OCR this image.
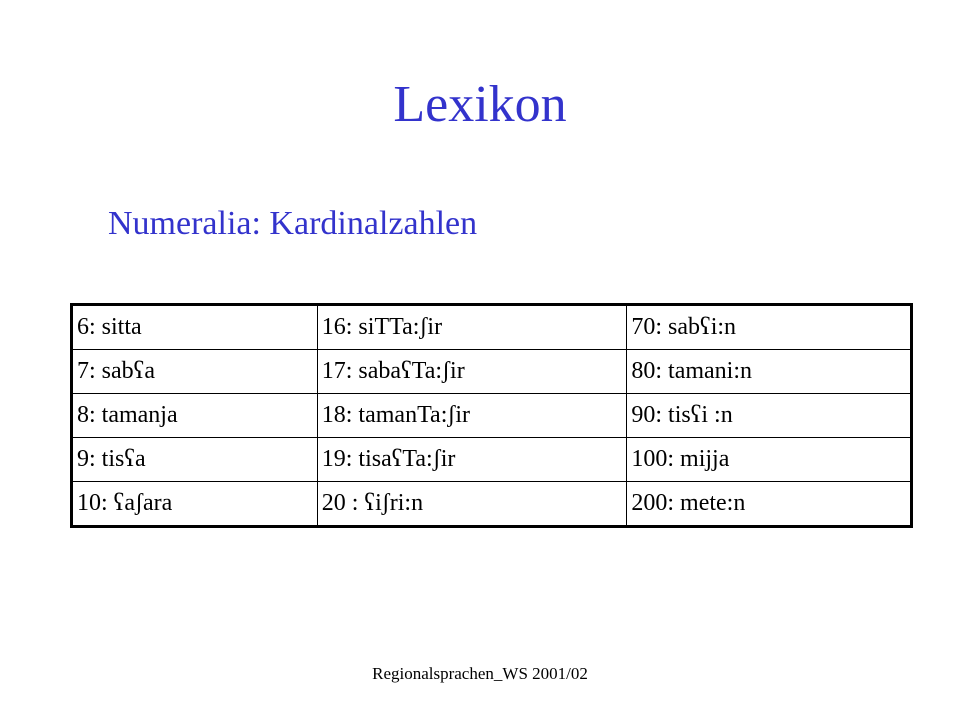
Lexikon
Numeralia: Kardinalzahlen
6: sitta	16: siTTa:ʃir	70: sabʕi:n
7: sabʕa	17: sabaʕTa:ʃir	80: tamani:n
8: tamanja	18: tamanTa:ʃir	90: tisʕi :n
9: tisʕa	19: tisaʕTa:ʃir	100: mijja
10: ʕaʃara	20 : ʕiʃri:n	200: mete:n
Regionalsprachen_WS 2001/02
